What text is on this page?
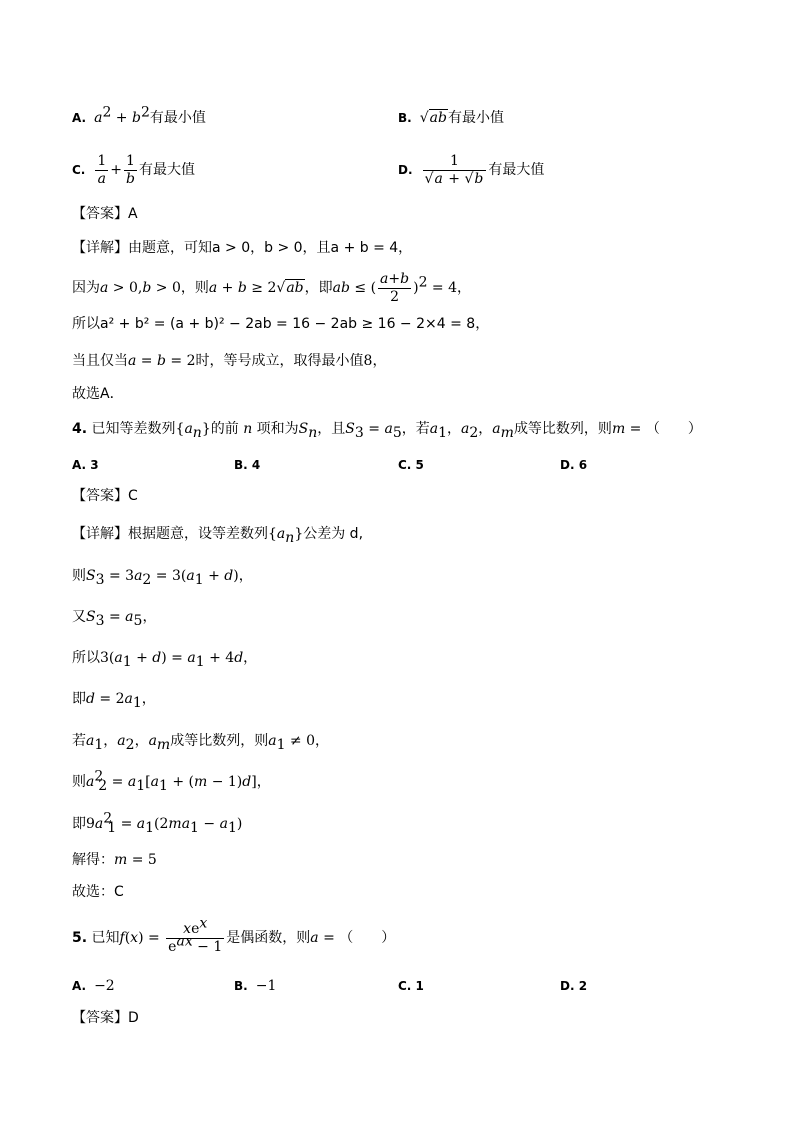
A. $a^2 + b^2$有最小值	B. √ab有最小值
C. $\frac{1}{a} + \frac{1}{b}$ 有最大值	D. $\frac{1}{√a + √b}$ 有最大值
【答案】A
【详解】由题意，可知a > 0，b > 0，且a + b = 4，
因为a > 0,b > 0，则a + b ≥ 2√ab，即ab ≤ ( $\frac{a+b}{2} )^2 = 4$，
所以a² + b² = (a + b)² − 2ab = 16 − 2ab ≥ 16 − 2×4 = 8，
当且仅当a = b = 2时，等号成立，取得最小值8，
故选A．
4. 已知等差数列$\{a_n\}$的前 n 项和为$S_n$，且$S_3 = a_5$，若$a_1$，$a_2$，$a_m$成等比数列，则m = （　　）
A. 3	B. 4	C. 5	D. 6
【答案】C
【详解】根据题意，设等差数列$\{a_n\}$公差为 d,
则$S_3 = 3a_2 = 3(a_1 + d)$，
又$S_3 = a_5$，
所以$3(a_1 + d) = a_1 + 4d$，
即$d = 2a_1$，
若$a_1$，$a_2$，$a_m$成等比数列，则$a_1 \ne 0$，
则$a^2_2 = a_1[a_1 + (m - 1)d]$，
即$9a^2_1 = a_1(2ma_1 - a_1)$
解得：m = 5
故选：C
5. 已知$f(x) = \frac{xe^x}{e^{ax} - 1}$ 是偶函数，则a = （　　）
A. −2	B. −1	C. 1	D. 2
【答案】D
